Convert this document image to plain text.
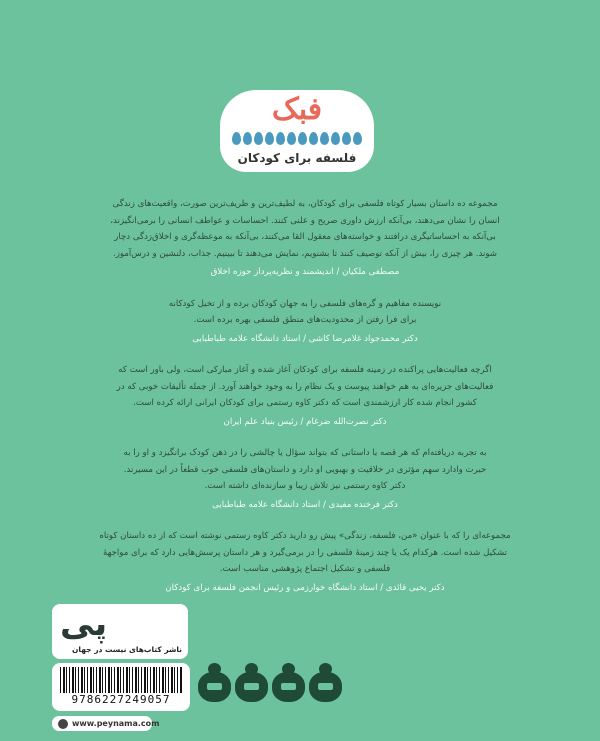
فبک
فلسفه برای کودکان
مجموعه ده داستان بسیار کوتاه فلسفی برای کودکان، به لطیف‌ترین و ظریف‌ترین صورت، واقعیت‌های زندگی
انسان را نشان می‌دهند، بی‌آنکه ارزش داوری صریح و علنی کنند. احساسات و عواطف انسانی را برمی‌انگیزند،
بی‌آنکه به احساساتیگری درافتند و خواسته‌های معقول القا می‌کنند، بی‌آنکه به موعظه‌گری و اخلاق‌زدگی دچار
شوند. هر چیزی را، بیش از آنکه توصیف کنند تا بشنویم، نمایش می‌دهند تا ببینیم. جذاب، دلنشین و درس‌آموز.
مصطفی ملکیان / اندیشمند و نظریه‌پرداز حوزه اخلاق
نویسنده مفاهیم و گره‌های فلسفی را به جهان کودکان برده و از تخیل کودکانه
برای فرا رفتن از محدودیت‌های منطق فلسفی بهره برده است.
دکتر محمدجواد غلامرضا کاشی / استاد دانشگاه علامه طباطبایی
اگرچه فعالیت‌هایی پراکنده در زمینه فلسفه برای کودکان آغاز شده و آغاز مبارکی است، ولی باور است که
فعالیت‌های جزیره‌ای به هم خواهند پیوست و یک نظام را به وجود خواهند آورد. از جمله تألیفات خوبی که در
کشور انجام شده کار ارزشمندی است که دکتر کاوه رستمی برای کودکان ایرانی ارائه کرده است.
دکتر نصرت‌الله ضرغام / رئیس بنیاد علم ایران
به تجربه دریافته‌ام که هر قصه یا داستانی که بتواند سؤال یا چالشی را در ذهن کودک برانگیزد و او را به
حیرت وادارد سهم مؤثری در خلاقیت و بهبویی او دارد و داستان‌های فلسفی خوب قطعاً در این مسیرند.
دکتر کاوه رستمی نیز تلاش زیبا و سازنده‌ای داشته است.
دکتر فرخنده مفیدی / استاد دانشگاه علامه طباطبایی
مجموعه‌ای را که با عنوان «من، فلسفه، زندگی» پیش رو دارید دکتر کاوه رستمی نوشته است که از ده داستان کوتاه
تشکیل شده است. هرکدام یک یا چند زمینهٔ فلسفی را در برمی‌گیرد و هر داستان پرسش‌هایی دارد که برای مواجههٔ
فلسفی و تشکیل اجتماع پژوهشی مناسب است.
دکتر یحیی قائدی / استاد دانشگاه خوارزمی و رئیس انجمن فلسفه برای کودکان
پی
ناشر کتاب‌های نیست در جهان
9786227249057
www.peynama.com
